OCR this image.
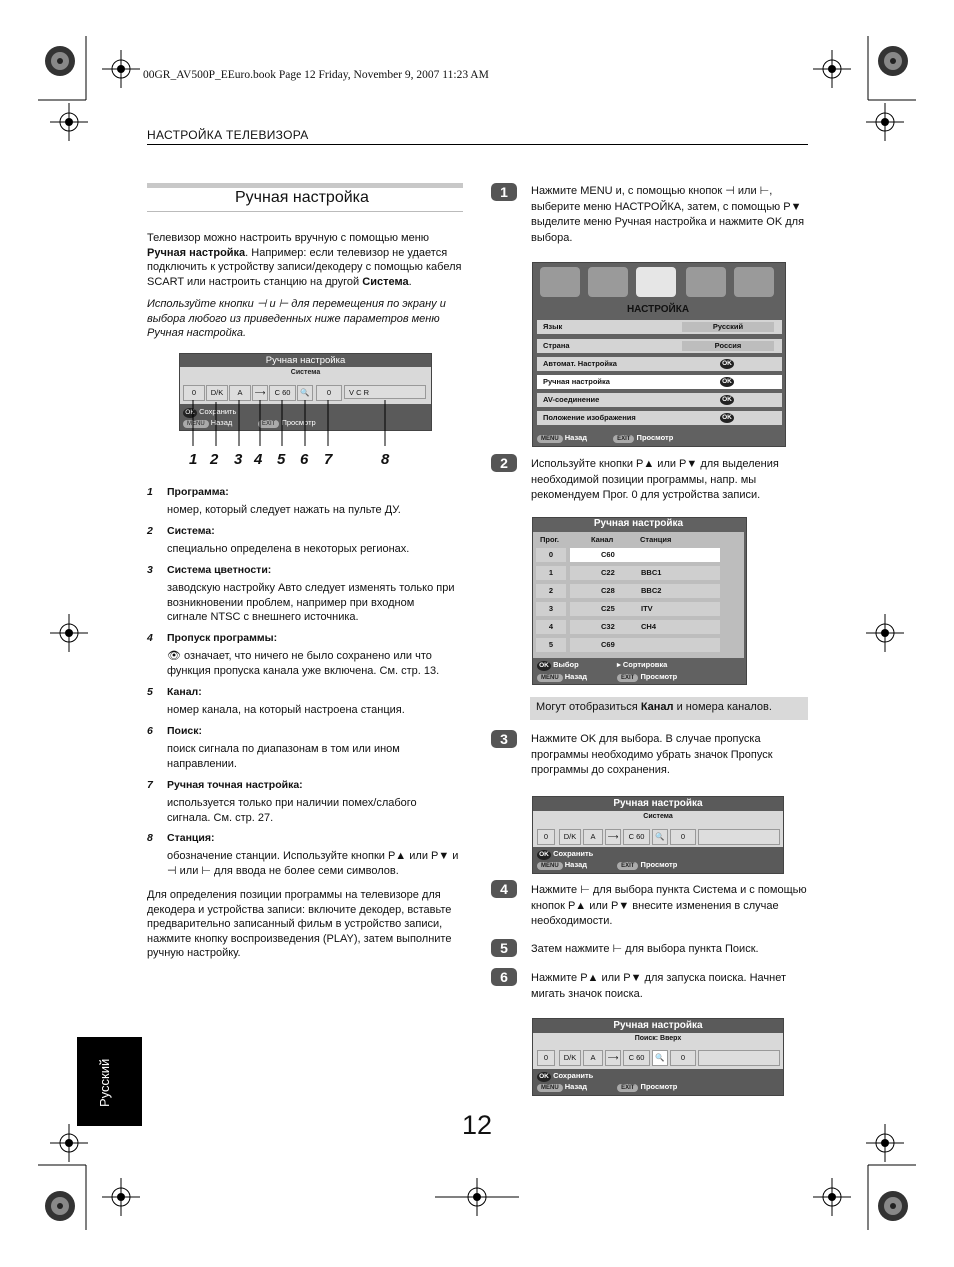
00GR_AV500P_EEuro.book Page 12 Friday, November 9, 2007 11:23 AM
НАСТРОЙКА ТЕЛЕВИЗОРА
Ручная настройка
Телевизор можно настроить вручную с помощью меню Ручная настройка. Например: если телевизор не удается подключить к устройству записи/декодеру с помощью кабеля SCART или настроить станцию на другой Система.
Используйте кнопки ⊣ и ⊢ для перемещения по экрану и выбора любого из приведенных ниже параметров меню Ручная настройка.
Ручная настройка
Система
0	D/K	A	⟶	C 60	🔍	0	V C R
OK Сохранить
MENU Назад	EXIT Просмотр
1 2 3 4 5 6 7	8
1 Программа:
номер, который следует нажать на пульте ДУ.
2 Система:
специально определена в некоторых регионах.
3 Система цветности:
заводскую настройку Авто следует изменять только при возникновении проблем, например при входном сигнале NTSC с внешнего источника.
4 Пропуск программы:
👁 означает, что ничего не было сохранено или что функция пропуска канала уже включена. См. стр. 13.
5 Канал:
номер канала, на который настроена станция.
6 Поиск:
поиск сигнала по диапазонам в том или ином направлении.
7 Ручная точная настройка:
используется только при наличии помех/слабого сигнала. См. стр. 27.
8 Станция:
обозначение станции. Используйте кнопки P▲ или P▼ и ⊣ или ⊢ для ввода не более семи символов.
Для определения позиции программы на телевизоре для декодера и устройства записи: включите декодер, вставьте предварительно записанный фильм в устройство записи, нажмите кнопку воспроизведения (PLAY), затем выполните ручную настройку.
Русский
12
1	Нажмите MENU и, с помощью кнопок ⊣ или ⊢, выберите меню НАСТРОЙКА, затем, с помощью P▼ выделите меню Ручная настройка и нажмите OK для выбора.
НАСТРОЙКА
Язык	Русский
Страна	Россия
Автомат. Настройка	OK
Ручная настройка	OK
AV-соединение	OK
Положение изображения	OK
MENU Назад	EXIT Просмотр
2	Используйте кнопки P▲ или P▼ для выделения необходимой позиции программы, напр. мы рекомендуем Прог. 0 для устройства записи.
Ручная настройка
Прог.	Канал	Станция
0	C60
1	C22	BBC1
2	C28	BBC2
3	C25	ITV
4	C32	CH4
5	C69
OK Выбор	▸ Сортировка
MENU Назад	EXIT Просмотр
Могут отобразиться Канал и номера каналов.
3	Нажмите OK для выбора. В случае пропуска программы необходимо убрать значок Пропуск программы до сохранения.
Ручная настройка
Система
OK Сохранить
MENU Назад	EXIT Просмотр
0	D/K	A	⟶	C 60	🔍	0
4	Нажмите ⊢ для выбора пункта Система и с помощью кнопок P▲ или P▼ внесите изменения в случае необходимости.
5	Затем нажмите ⊢ для выбора пункта Поиск.
6	Нажмите P▲ или P▼ для запуска поиска. Начнет мигать значок поиска.
Ручная настройка
Поиск: Вверх
OK Сохранить
MENU Назад	EXIT Просмотр
0	D/K	A	⟶	C 60	🔍	0
